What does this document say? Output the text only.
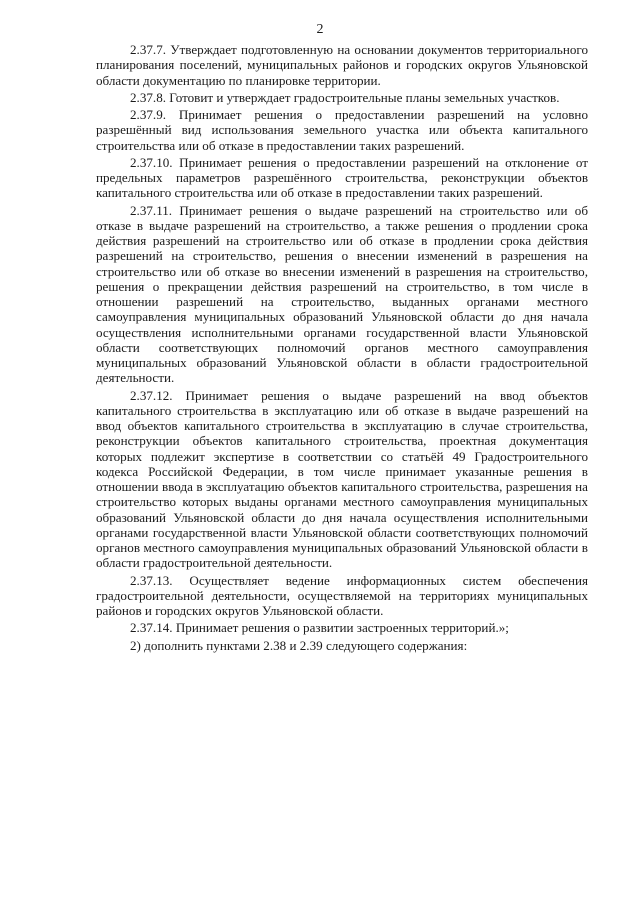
2

2.37.7. Утверждает подготовленную на основании документов территориального планирования поселений, муниципальных районов и городских округов Ульяновской области документацию по планировке территории.

2.37.8. Готовит и утверждает градостроительные планы земельных участков.

2.37.9. Принимает решения о предоставлении разрешений на условно разрешённый вид использования земельного участка или объекта капитального строительства или об отказе в предоставлении таких разрешений.

2.37.10. Принимает решения о предоставлении разрешений на отклонение от предельных параметров разрешённого строительства, реконструкции объектов капитального строительства или об отказе в предоставлении таких разрешений.

2.37.11. Принимает решения о выдаче разрешений на строительство или об отказе в выдаче разрешений на строительство, а также решения о продлении срока действия разрешений на строительство или об отказе в продлении срока действия разрешений на строительство, решения о внесении изменений в разрешения на строительство или об отказе во внесении изменений в разрешения на строительство, решения о прекращении действия разрешений на строительство, в том числе в отношении разрешений на строительство, выданных органами местного самоуправления муниципальных образований Ульяновской области до дня начала осуществления исполнительными органами государственной власти Ульяновской области соответствующих полномочий органов местного самоуправления муниципальных образований Ульяновской области в области градостроительной деятельности.

2.37.12. Принимает решения о выдаче разрешений на ввод объектов капитального строительства в эксплуатацию или об отказе в выдаче разрешений на ввод объектов капитального строительства в эксплуатацию в случае строительства, реконструкции объектов капитального строительства, проектная документация которых подлежит экспертизе в соответствии со статьёй 49 Градостроительного кодекса Российской Федерации, в том числе принимает указанные решения в отношении ввода в эксплуатацию объектов капитального строительства, разрешения на строительство которых выданы органами местного самоуправления муниципальных образований Ульяновской области до дня начала осуществления исполнительными органами государственной власти Ульяновской области соответствующих полномочий органов местного самоуправления муниципальных образований Ульяновской области в области градостроительной деятельности.

2.37.13. Осуществляет ведение информационных систем обеспечения градостроительной деятельности, осуществляемой на территориях муниципальных районов и городских округов Ульяновской области.

2.37.14. Принимает решения о развитии застроенных территорий.»;

2) дополнить пунктами 2.38 и 2.39 следующего содержания:
